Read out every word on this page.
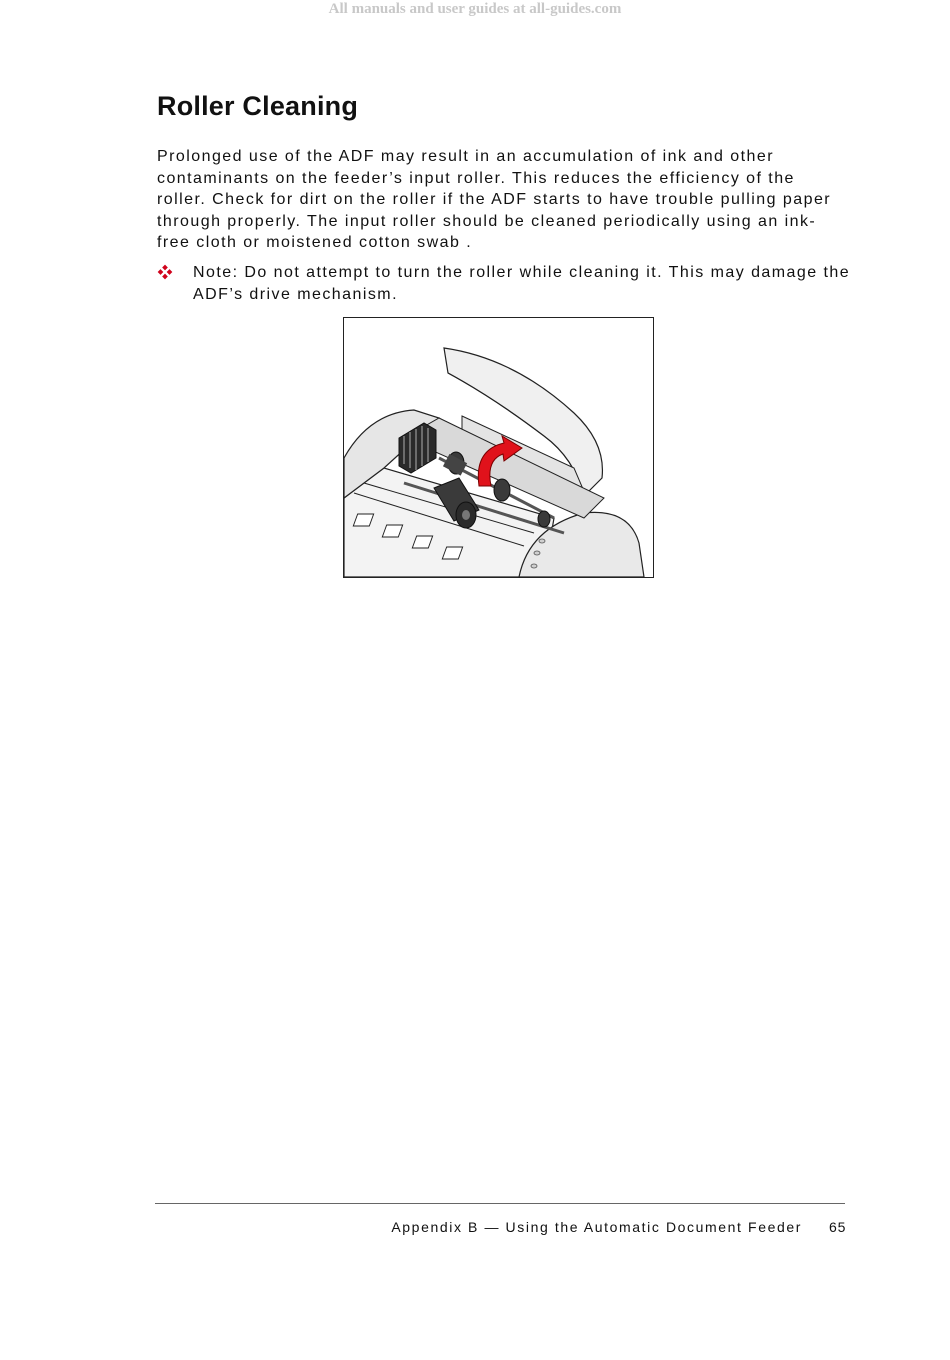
All manuals and user guides at all-guides.com
Roller Cleaning

Prolonged use of the ADF may result in an accumulation of ink and other contaminants on the feeder’s input roller. This reduces the efficiency of the roller. Check for dirt on the roller if the ADF starts to have trouble pulling paper through properly. The input roller should be cleaned periodically using an ink-free cloth or moistened cotton swab .

Note: Do not attempt to turn the roller while cleaning it. This may damage the ADF’s drive mechanism.

Appendix B — Using the Automatic Document Feeder 65
